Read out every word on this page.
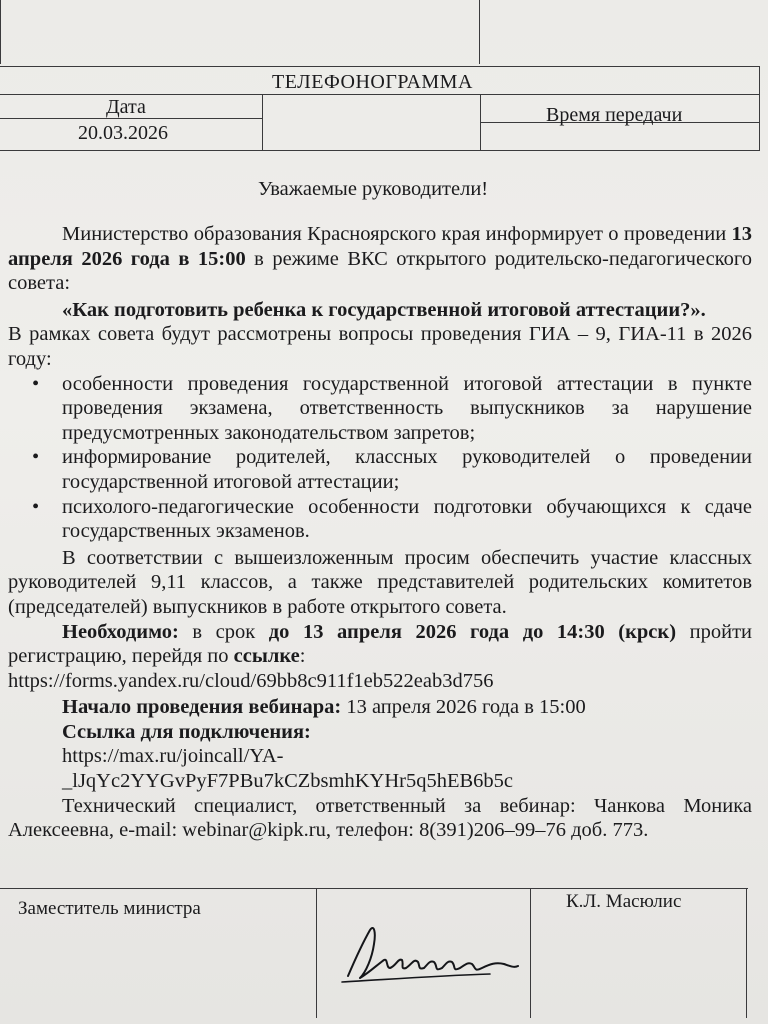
ТЕЛЕФОНОГРАММА
Дата
20.03.2026
Время передачи
Уважаемые руководители!

Министерство образования Красноярского края информирует о проведении 13 апреля 2026 года в 15:00 в режиме ВКС открытого родительско-педагогического совета:

«Как подготовить ребенка к государственной итоговой аттестации?».

В рамках совета будут рассмотрены вопросы проведения ГИА – 9, ГИА-11 в 2026 году:

• особенности проведения государственной итоговой аттестации в пункте проведения экзамена, ответственность выпускников за нарушение предусмотренных законодательством запретов;
• информирование родителей, классных руководителей о проведении государственной итоговой аттестации;
• психолого-педагогические особенности подготовки обучающихся к сдаче государственных экзаменов.

В соответствии с вышеизложенным просим обеспечить участие классных руководителей 9,11 классов, а также представителей родительских комитетов (председателей) выпускников в работе открытого совета.

Необходимо: в срок до 13 апреля 2026 года до 14:30 (крск) пройти регистрацию, перейдя по ссылке:

https://forms.yandex.ru/cloud/69bb8c911f1eb522eab3d756

Начало проведения вебинара: 13 апреля 2026 года в 15:00

Ссылка для подключения:

https://max.ru/joincall/YA-

_lJqYc2YYGvPyF7PBu7kCZbsmhKYHr5q5hEB6b5c

Технический специалист, ответственный за вебинар: Чанкова Моника Алексеевна, e-mail: webinar@kipk.ru, телефон: 8(391)206–99–76 доб. 773.

Заместитель министра	К.Л. Масюлис
